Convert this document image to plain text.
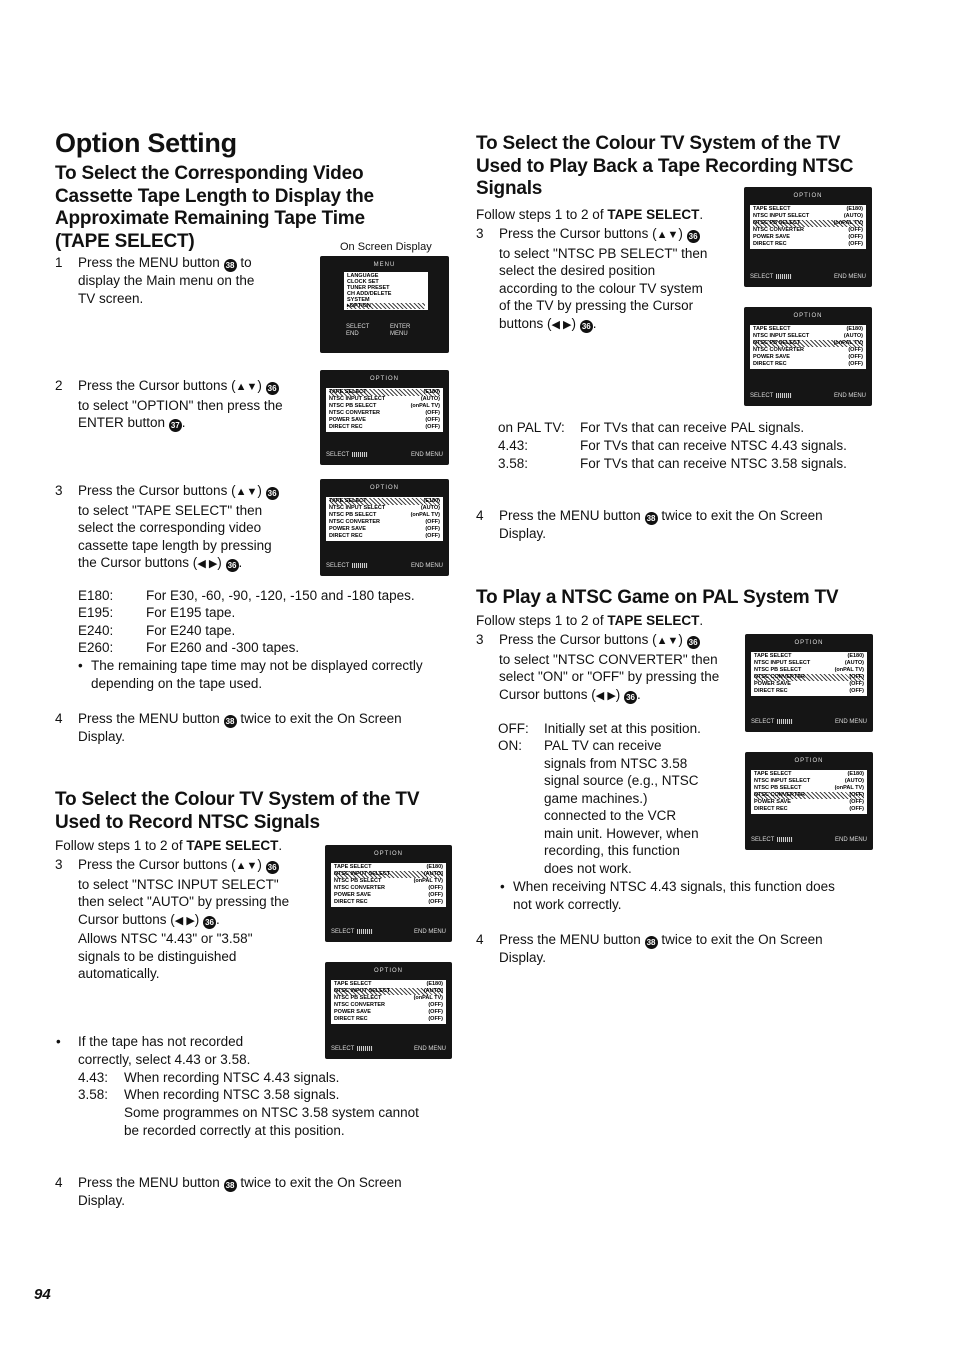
Option Setting
To Select the Corresponding Video
Cassette Tape Length to Display the
Approximate Remaining Tape Time
(TAPE SELECT)	On Screen Display
1 Press the MENU button 38 to

display the Main menu on the

TV screen.

MENU
LANGUAGE
CLOCK SET
TUNER PRESET
CH ADD/DELETE
SYSTEM
▸OPTION
SELECT
END
ENTER
MENU
2 Press the Cursor buttons (▲▼) 36

to select "OPTION" then press the

ENTER button 37 .

OPTION
TAPE SELECT	(E180)
NTSC INPUT SELECT	(AUTO)
NTSC PB SELECT	(onPAL TV)
NTSC CONVERTER	(OFF)
POWER SAVE	(OFF)
DIRECT REC	(OFF)
SELECT	END MENU
3 Press the Cursor buttons (▲▼) 36

to select "TAPE SELECT" then

select the corresponding video

cassette tape length by pressing

the Cursor buttons (◀ ▶) 36 .

OPTION
TAPE SELECT	(E180)
NTSC INPUT SELECT	(AUTO)
NTSC PB SELECT	(onPAL TV)
NTSC CONVERTER	(OFF)
POWER SAVE	(OFF)
DIRECT REC	(OFF)
SELECT	END MENU
E180: For E30, -60, -90, -120, -150 and -180 tapes.
E195: For E195 tape.
E240: For E240 tape.
E260: For E260 and -300 tapes.
• The remaining tape time may not be displayed correctly

depending on the tape used.

4 Press the MENU button 38 twice to exit the On Screen

Display.

To Select the Colour TV System of the TV
Used to Record NTSC Signals
Follow steps 1 to 2 of TAPE SELECT.
3 Press the Cursor buttons (▲▼) 36

to select "NTSC INPUT SELECT"

then select "AUTO" by pressing the

Cursor buttons (◀ ▶) 36 .

Allows NTSC "4.43" or "3.58"

signals to be distinguished

automatically.

OPTION
TAPE SELECT	(E180)
NTSC INPUT SELECT	(AUTO)
NTSC PB SELECT	(onPAL TV)
NTSC CONVERTER	(OFF)
POWER SAVE	(OFF)
DIRECT REC	(OFF)
SELECT	END MENU
OPTION
TAPE SELECT	(E180)
NTSC INPUT SELECT	(AUTO)
NTSC PB SELECT	(onPAL TV)
NTSC CONVERTER	(OFF)
POWER SAVE	(OFF)
DIRECT REC	(OFF)
SELECT	END MENU
• If the tape has not recorded

correctly, select 4.43 or 3.58.

4.43: When recording NTSC 4.43 signals.
3.58: When recording NTSC 3.58 signals.
Some programmes on NTSC 3.58 system cannot
be recorded correctly at this position.
4 Press the MENU button 38 twice to exit the On Screen

Display.

To Select the Colour TV System of the TV
Used to Play Back a Tape Recording NTSC
Signals
Follow steps 1 to 2 of TAPE SELECT.
3 Press the Cursor buttons (▲▼) 36

to select "NTSC PB SELECT" then

select the desired position

according to the colour TV system

of the TV by pressing the Cursor

buttons (◀ ▶) 36 .

OPTION
TAPE SELECT	(E180)
NTSC INPUT SELECT	(AUTO)
NTSC PB SELECT	(onPAL TV)
NTSC CONVERTER	(OFF)
POWER SAVE	(OFF)
DIRECT REC	(OFF)
SELECT	END MENU
OPTION
TAPE SELECT	(E180)
NTSC INPUT SELECT	(AUTO)
NTSC PB SELECT	(onPAL TV)
NTSC CONVERTER	(OFF)
POWER SAVE	(OFF)
DIRECT REC	(OFF)
SELECT	END MENU
on PAL TV: For TVs that can receive PAL signals.
4.43:	For TVs that can receive NTSC 4.43 signals.
3.58:	For TVs that can receive NTSC 3.58 signals.
4 Press the MENU button 38 twice to exit the On Screen

Display.

To Play a NTSC Game on PAL System TV
Follow steps 1 to 2 of TAPE SELECT.
3 Press the Cursor buttons (▲▼) 36

to select "NTSC CONVERTER" then

select "ON" or "OFF" by pressing the

Cursor buttons (◀ ▶) 36 .

OPTION
TAPE SELECT	(E180)
NTSC INPUT SELECT	(AUTO)
NTSC PB SELECT	(onPAL TV)
NTSC CONVERTER	(OFF)
POWER SAVE	(OFF)
DIRECT REC	(OFF)
SELECT	END MENU
OPTION
TAPE SELECT	(E180)
NTSC INPUT SELECT	(AUTO)
NTSC PB SELECT	(onPAL TV)
NTSC CONVERTER	(OFF)
POWER SAVE	(OFF)
DIRECT REC	(OFF)
SELECT	END MENU
OFF: Initially set at this position.
ON: PAL TV can receive
signals from NTSC 3.58
signal source (e.g., NTSC
game machines.)
connected to the VCR
main unit. However, when
recording, this function
does not work.
• When receiving NTSC 4.43 signals, this function does

not work correctly.

4 Press the MENU button 38 twice to exit the On Screen

Display.

94
